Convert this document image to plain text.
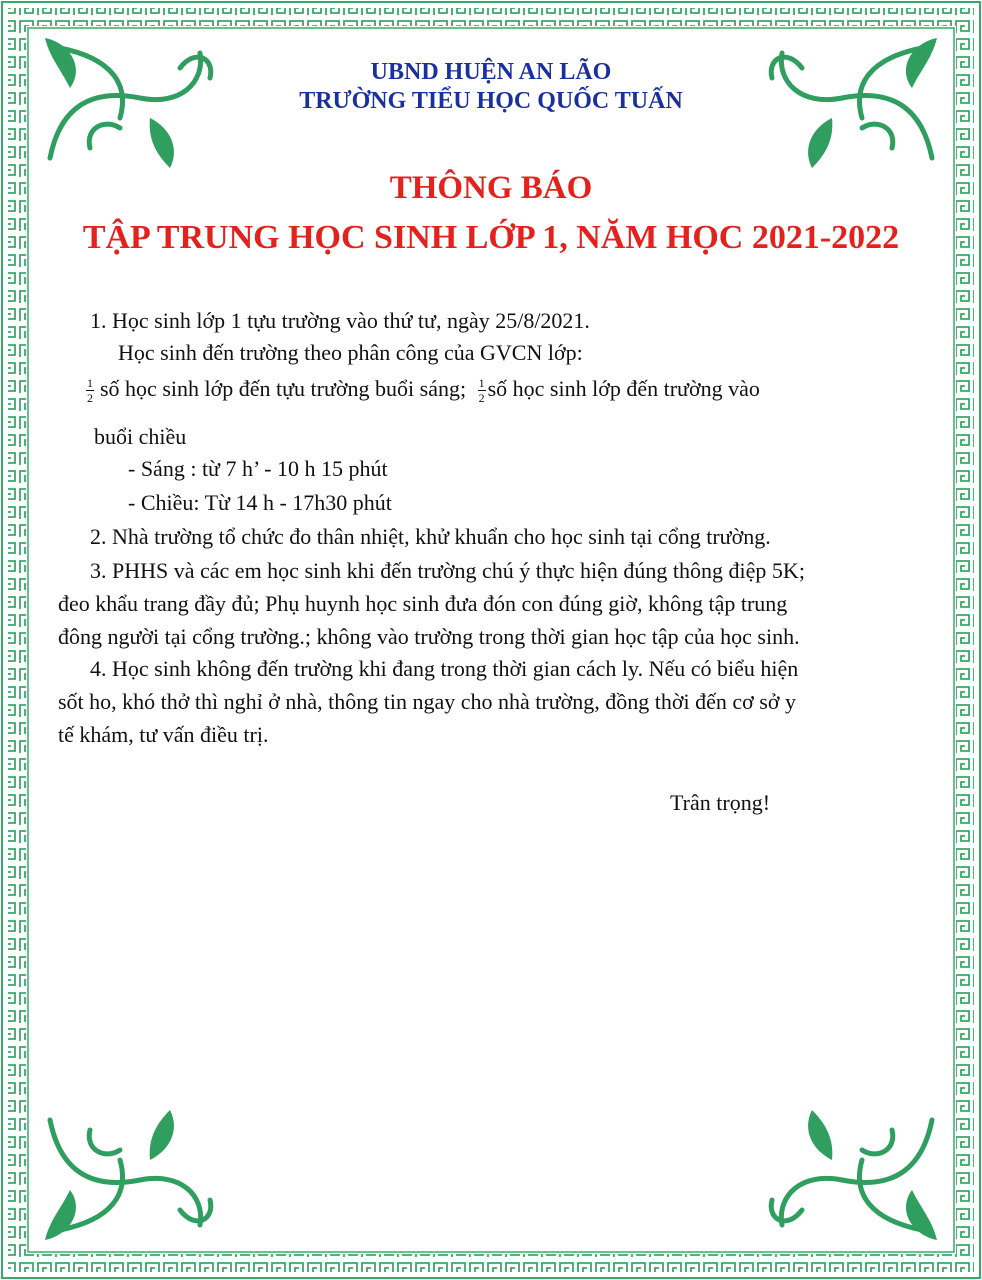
UBND HUỆN AN LÃO
TRƯỜNG TIỂU HỌC QUỐC TUẤN
THÔNG BÁO
TẬP TRUNG HỌC SINH LỚP 1, NĂM HỌC 2021-2022
1. Học sinh lớp 1 tựu trường vào thứ tư, ngày 25/8/2021.
Học sinh đến trường theo phân công của GVCN lớp:
$\frac{1}{2}$ số học sinh lớp đến tựu trường buổi sáng; $\frac{1}{2}$ số học sinh lớp đến trường vào
buổi chiều
- Sáng : từ 7 h’ - 10 h 15 phút
- Chiều: Từ 14 h - 17h30 phút
2. Nhà trường tổ chức đo thân nhiệt, khử khuẩn cho học sinh tại cổng trường.
3. PHHS và các em học sinh khi đến trường chú ý thực hiện đúng thông điệp 5K;
đeo khẩu trang đầy đủ; Phụ huynh học sinh đưa đón con đúng giờ, không tập trung
đông người tại cổng trường.; không vào trường trong thời gian học tập của học sinh.
4. Học sinh không đến trường khi đang trong thời gian cách ly. Nếu có biểu hiện
sốt ho, khó thở thì nghỉ ở nhà, thông tin ngay cho nhà trường, đồng thời đến cơ sở y
tế khám, tư vấn điều trị.
Trân trọng!
